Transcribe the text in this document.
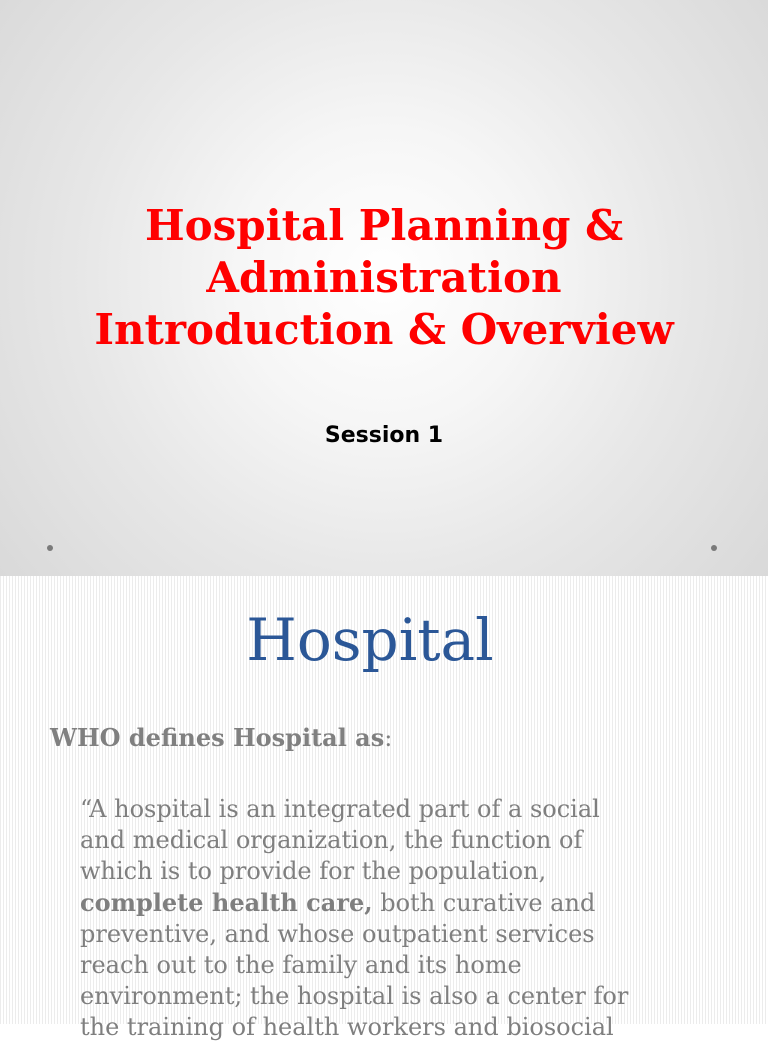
Hospital Planning &
Administration
Introduction & Overview
Session 1
Hospital
WHO defines Hospital as:
“A hospital is an integrated part of a social
and medical organization, the function of
which is to provide for the population,
complete health care, both curative and
preventive, and whose outpatient services
reach out to the family and its home
environment; the hospital is also a center for
the training of health workers and biosocial
